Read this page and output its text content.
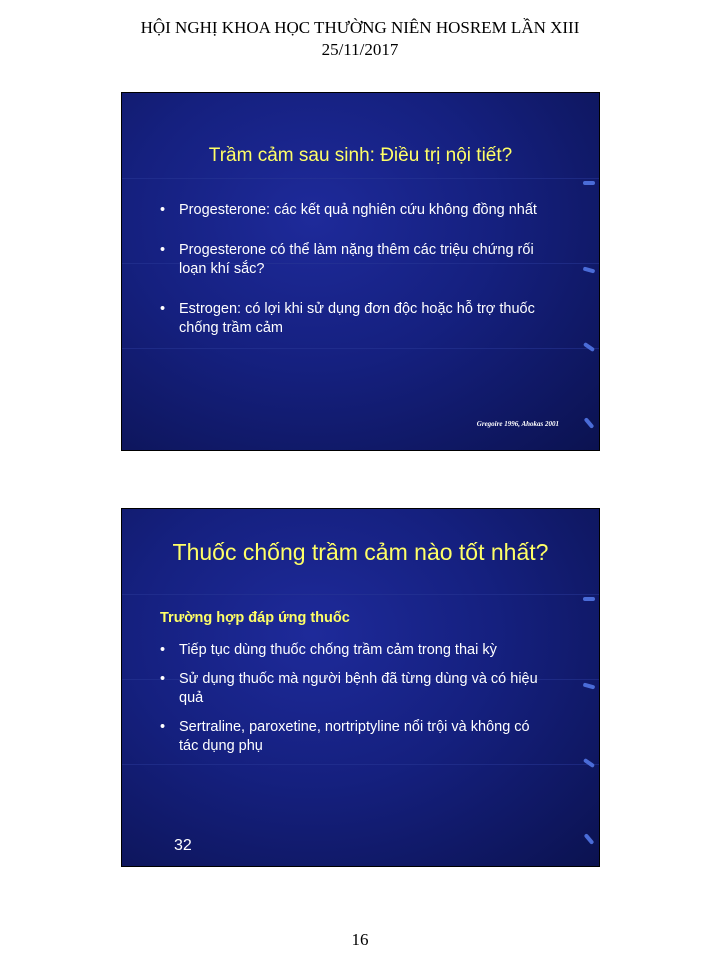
HỘI NGHỊ KHOA HỌC THƯỜNG NIÊN HOSREM LẦN XIII
25/11/2017
Trầm cảm sau sinh: Điều trị nội tiết?
• Progesterone: các kết quả nghiên cứu không đồng nhất
• Progesterone có thể làm nặng thêm các triệu chứng rối loạn khí sắc?
• Estrogen: có lợi khi sử dụng đơn độc hoặc hỗ trợ thuốc chống trầm cảm
Gregoire 1996, Ahokas 2001
Thuốc chống trầm cảm nào tốt nhất?
Trường hợp đáp ứng thuốc
• Tiếp tục dùng thuốc chống trầm cảm trong thai kỳ
• Sử dụng thuốc mà người bệnh đã từng dùng và có hiệu quả
• Sertraline, paroxetine, nortriptyline nổi trội và không có tác dụng phụ
32
16
